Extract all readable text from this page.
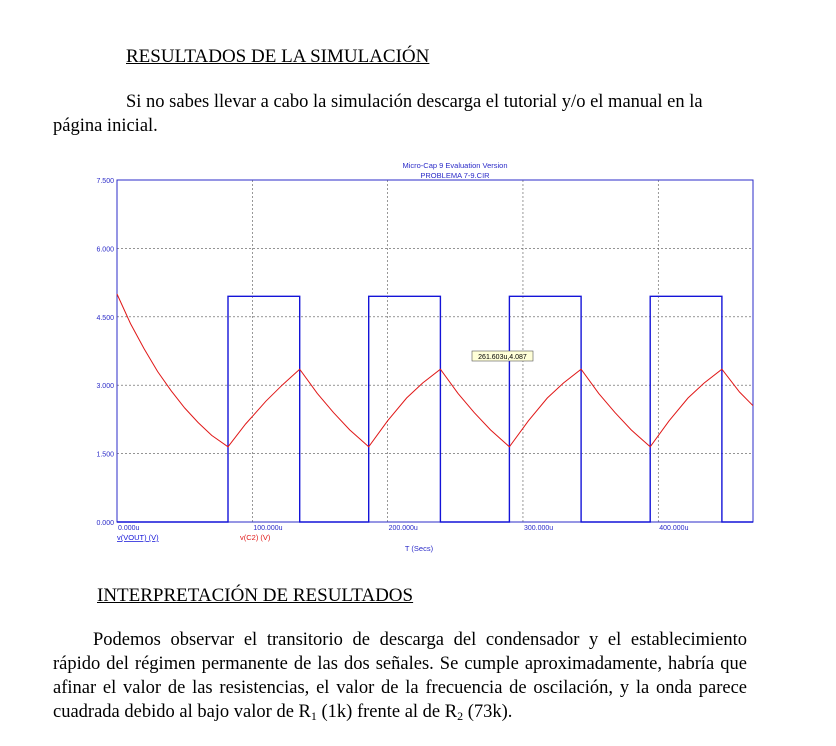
RESULTADOS DE LA SIMULACIÓN
Si no sabes llevar a cabo la simulación descarga el tutorial y/o el manual en la página inicial.
Micro-Cap 9 Evaluation Version
PROBLEMA 7-9.CIR
0.000
1.500
3.000
4.500
6.000
7.500
0.000u	100.000u	200.000u	300.000u	400.000u
261.603u,4.087
v(VOUT) (V)	v(C2) (V)
T (Secs)
INTERPRETACIÓN DE RESULTADOS
Podemos observar el transitorio de descarga del condensador y el establecimiento rápido del régimen permanente de las dos señales. Se cumple aproximadamente, habría que afinar el valor de las resistencias, el valor de la frecuencia de oscilación, y la onda parece cuadrada debido al bajo valor de $R_1$ (1k) frente al de $R_2$ (73k).
